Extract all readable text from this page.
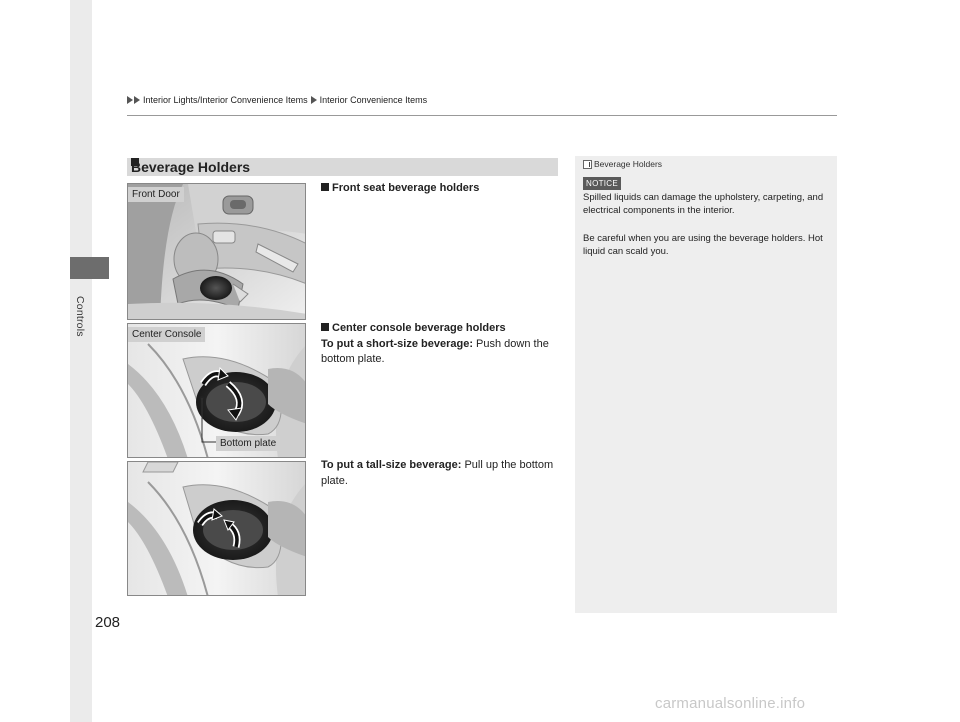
Controls
Interior Lights/Interior Convenience Items Interior Convenience Items
Beverage Holders
Front Door
Center Console
Bottom plate
Front seat beverage holders
Center console beverage holders
To put a short-size beverage: Push down the bottom plate.
To put a tall-size beverage: Pull up the bottom plate.
Beverage Holders
NOTICE
Spilled liquids can damage the upholstery, carpeting, and electrical components in the interior.
Be careful when you are using the beverage holders. Hot liquid can scald you.
208
carmanualsonline.info
